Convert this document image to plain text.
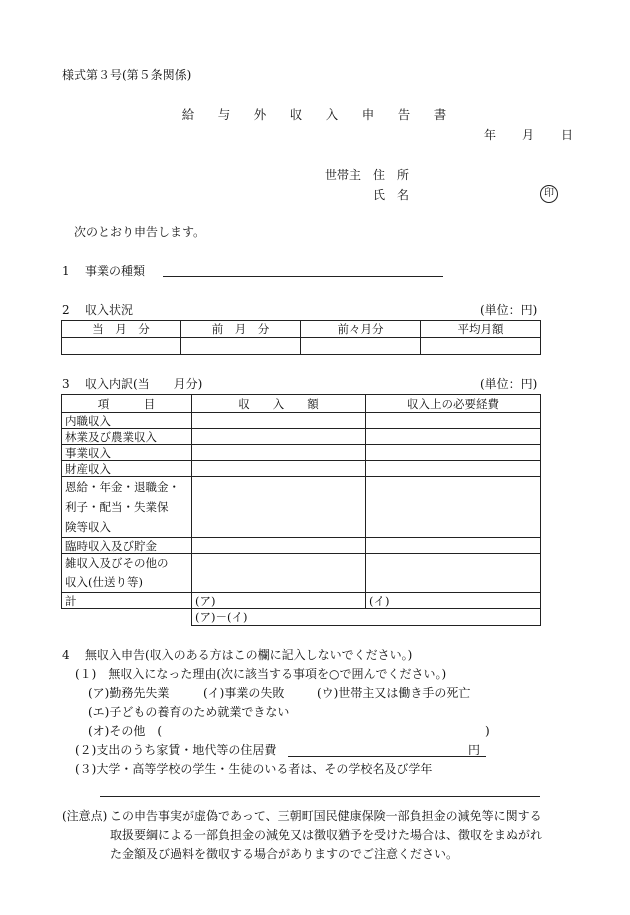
様式第３号(第５条関係)
給 与 外 収 入 申 告 書
年 月 日
世帯主 住　所
氏　名	印
次のとおり申告します。
1 事業の種類
2 収入状況	(単位：円)
当　月　分	前　月　分	前々月分	平均月額

3 収入内訳(当　　月分)	(単位：円)
項　　　目	収　　入　　額	収入上の必要経費
内職収入		
林業及び農業収入		
事業収入		
財産収入		

恩給・年金・退職金・
利子・配当・失業保
険等収入		

臨時収入及び貯金		

雑収入及びその他の
収入(仕送り等)		

計	(ア)	(イ)
	(ア)－(イ)	
4 無収入申告(収入のある方はこの欄に記入しないでください。)
(１)　無収入になった理由(次に該当する事項を○で囲んでください。)
(ア)勤務先失業	(イ)事業の失敗	(ウ)世帯主又は働き手の死亡
(エ)子どもの養育のため就業できない
(オ)その他　(	)
(２)支出のうち家賃・地代等の住居費	円
(３)大学・高等学校の学生・生徒のいる者は、その学校名及び学年
(注意点) この申告事実が虚偽であって、三朝町国民健康保険一部負担金の減免等に関する
取扱要綱による一部負担金の減免又は徴収猶予を受けた場合は、徴収をまぬがれ
た金額及び過料を徴収する場合がありますのでご注意ください。
